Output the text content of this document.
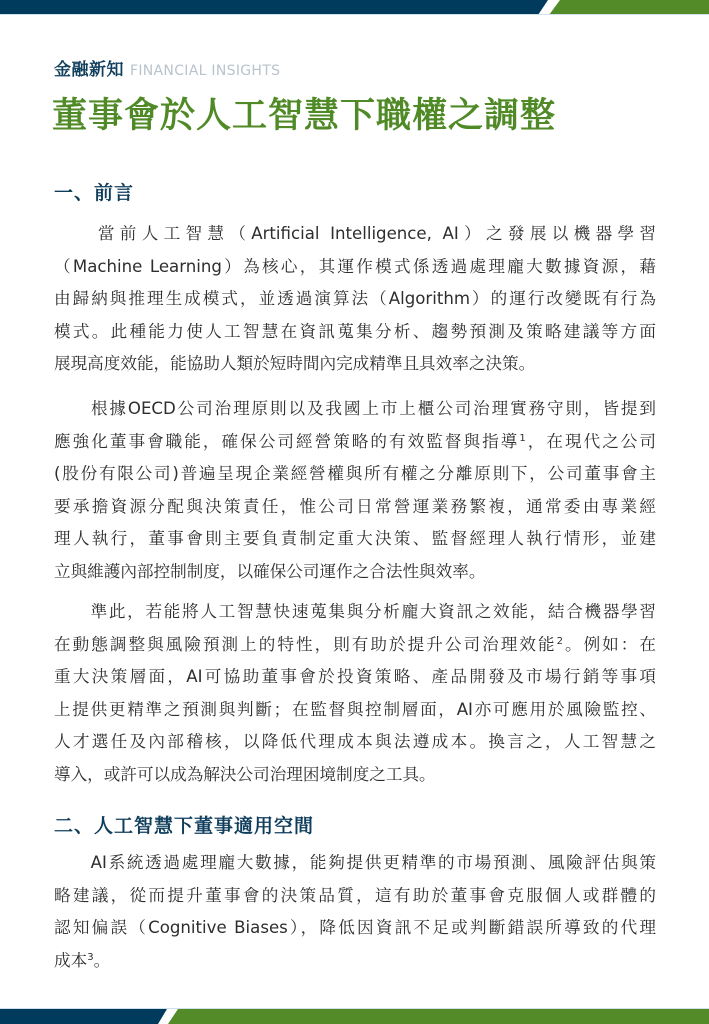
金融新知 FINANCIAL INSIGHTS
董事會於人工智慧下職權之調整
一、前言
　　當前人工智慧（Artificial Intelligence, AI）之發展以機器學習
（Machine Learning）為核心，其運作模式係透過處理龐大數據資源，藉
由歸納與推理生成模式，並透過演算法（Algorithm）的運行改變既有行為
模式。此種能力使人工智慧在資訊蒐集分析、趨勢預測及策略建議等方面
展現高度效能，能協助人類於短時間內完成精準且具效率之決策。
　　根據OECD公司治理原則以及我國上市上櫃公司治理實務守則，皆提到
應強化董事會職能，確保公司經營策略的有效監督與指導$^1$，在現代之公司
(股份有限公司)普遍呈現企業經營權與所有權之分離原則下，公司董事會主
要承擔資源分配與決策責任，惟公司日常營運業務繁複，通常委由專業經
理人執行，董事會則主要負責制定重大決策、監督經理人執行情形，並建
立與維護內部控制制度，以確保公司運作之合法性與效率。
　　準此，若能將人工智慧快速蒐集與分析龐大資訊之效能，結合機器學習
在動態調整與風險預測上的特性，則有助於提升公司治理效能$^2$。例如：在
重大決策層面，AI可協助董事會於投資策略、產品開發及市場行銷等事項
上提供更精準之預測與判斷；在監督與控制層面，AI亦可應用於風險監控、
人才選任及內部稽核，以降低代理成本與法遵成本。換言之，人工智慧之
導入，或許可以成為解決公司治理困境制度之工具。
二、人工智慧下董事適用空間
　　AI系統透過處理龐大數據，能夠提供更精準的市場預測、風險評估與策
略建議，從而提升董事會的決策品質，這有助於董事會克服個人或群體的
認知偏誤（Cognitive Biases），降低因資訊不足或判斷錯誤所導致的代理
成本$^3$。
